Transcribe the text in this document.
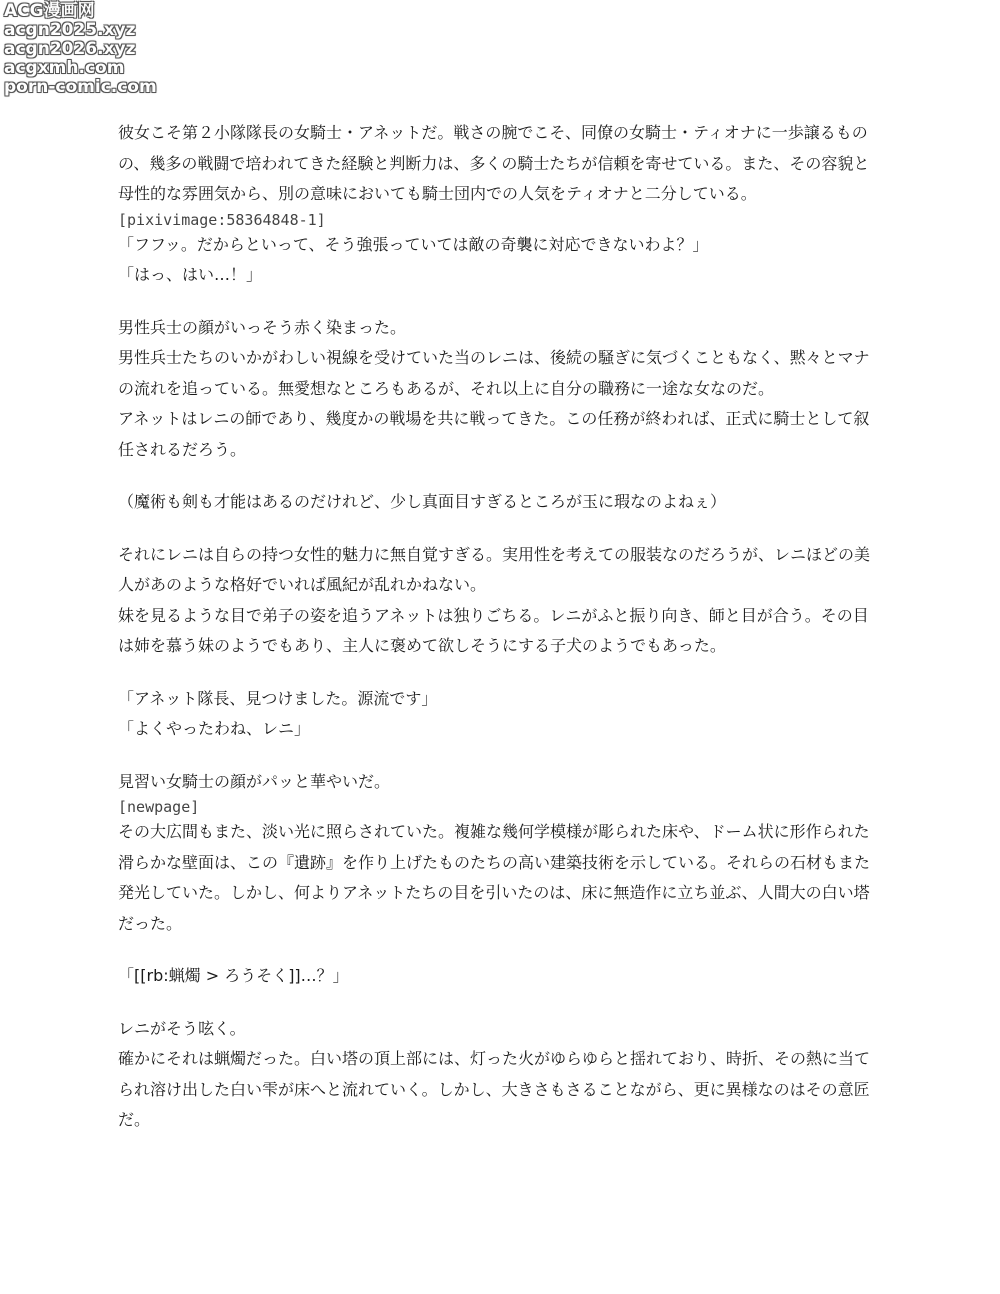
ACG漫画网
acgn2025.xyz
acgn2026.xyz
acgxmh.com
porn-comic.com

彼女こそ第２小隊隊長の女騎士・アネットだ。戦さの腕でこそ、同僚の女騎士・ティオナに一歩譲るものの、幾多の戦闘で培われてきた経験と判断力は、多くの騎士たちが信頼を寄せている。また、その容貌と母性的な雰囲気から、別の意味においても騎士団内での人気をティオナと二分している。

[pixivimage:58364848-1]

「フフッ。だからといって、そう強張っていては敵の奇襲に対応できないわよ？」

「はっ、はい…！」

男性兵士の顔がいっそう赤く染まった。

男性兵士たちのいかがわしい視線を受けていた当のレニは、後続の騒ぎに気づくこともなく、黙々とマナの流れを追っている。無愛想なところもあるが、それ以上に自分の職務に一途な女なのだ。

アネットはレニの師であり、幾度かの戦場を共に戦ってきた。この任務が終われば、正式に騎士として叙任されるだろう。

（魔術も剣も才能はあるのだけれど、少し真面目すぎるところが玉に瑕なのよねぇ）

それにレニは自らの持つ女性的魅力に無自覚すぎる。実用性を考えての服装なのだろうが、レニほどの美人があのような格好でいれば風紀が乱れかねない。

妹を見るような目で弟子の姿を追うアネットは独りごちる。レニがふと振り向き、師と目が合う。その目は姉を慕う妹のようでもあり、主人に褒めて欲しそうにする子犬のようでもあった。

「アネット隊長、見つけました。源流です」

「よくやったわね、レニ」

見習い女騎士の顔がパッと華やいだ。

[newpage]

その大広間もまた、淡い光に照らされていた。複雑な幾何学模様が彫られた床や、ドーム状に形作られた滑らかな壁面は、この『遺跡』を作り上げたものたちの高い建築技術を示している。それらの石材もまた発光していた。しかし、何よりアネットたちの目を引いたのは、床に無造作に立ち並ぶ、人間大の白い塔だった。

「[[rb:蝋燭 > ろうそく]]…？」

レニがそう呟く。

確かにそれは蝋燭だった。白い塔の頂上部には、灯った火がゆらゆらと揺れており、時折、その熱に当てられ溶け出した白い雫が床へと流れていく。しかし、大きさもさることながら、更に異様なのはその意匠だ。
